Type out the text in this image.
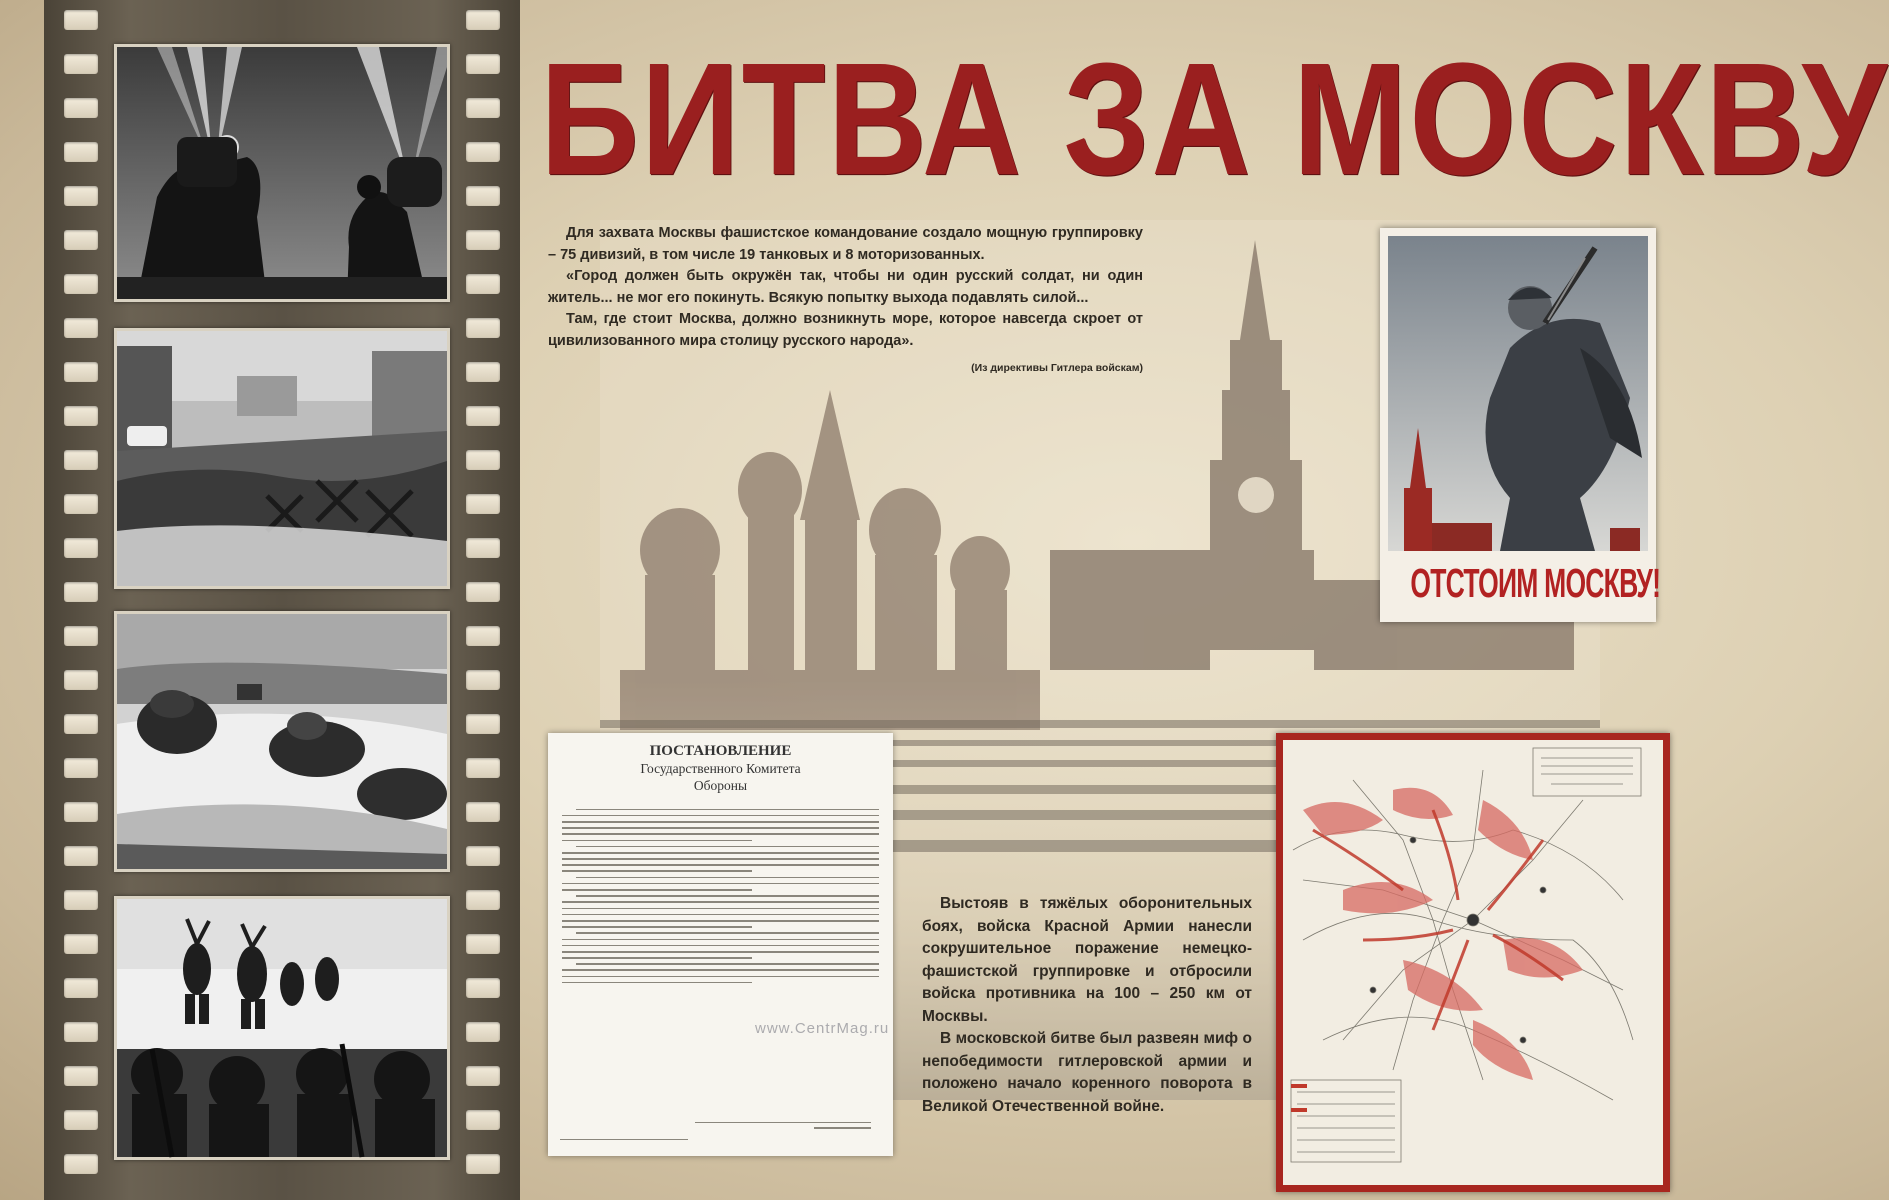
БИТВА ЗА МОСКВУ

Для захвата Москвы фашистское командование создало мощную группировку – 75 дивизий, в том числе 19 танковых и 8 моторизованных.

«Город должен быть окружён так, чтобы ни один русский солдат, ни один житель... не мог его покинуть. Всякую попытку выхода подавлять силой...

Там, где стоит Москва, должно возникнуть море, которое навсегда скроет от цивилизованного мира столицу русского народа».

(Из директивы Гитлера войскам)

ОТСТОИМ МОСКВУ!
ПОСТАНОВЛЕНИЕ
Государственного Комитета
Обороны

Выстояв в тяжёлых оборонительных боях, войска Красной Армии нанесли сокрушительное поражение немецко-фашистской группировке и отбросили войска противника на 100 – 250 км от Москвы.

В московской битве был развеян миф о непобедимости гитлеровской армии и положено начало коренного поворота в Великой Отечественной войне.

www.CentrMag.ru
